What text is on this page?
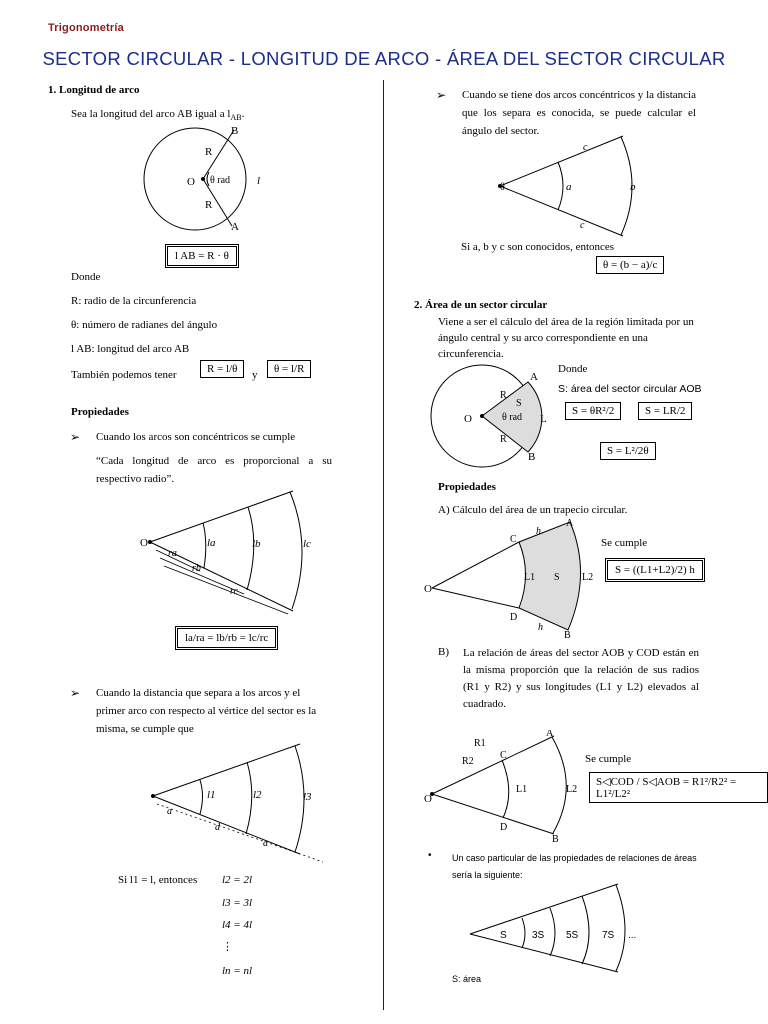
Trigonometría
SECTOR CIRCULAR - LONGITUD DE ARCO - ÁREA DEL SECTOR CIRCULAR
1. Longitud de arco
Sea la longitud del arco AB igual a $l_{AB}$.
B
A
O
R
R
θ rad l
l AB = R · θ
Donde
R: radio de la circunferencia
θ: número de radianes del ángulo
l AB: longitud del arco AB
También podemos tener	R = l/θ	y	θ = l/R
Propiedades
➢ Cuando los arcos son concéntricos se cumple
“Cada longitud de arco es proporcional a su respectivo radio”.
O	la	lb	lc
ra
rb
rc
la/ra = lb/rb = lc/rc
➢ Cuando la distancia que separa a los arcos y el primer arco con respecto al vértice del sector es la misma, se cumple que
l1	l2	l3
a
d
a
Si l1 = l, entonces l2 = 2l
l3 = 3l
l4 = 4l
⋮
ln = nl
➢ Cuando se tiene dos arcos concéntricos y la distancia que los separa es conocida, se puede calcular el ángulo del sector.
θ	a	b
c
c
Si a, b y c son conocidos, entonces
θ = (b − a)/c
2. Área de un sector circular
Viene a ser el cálculo del área de la región limitada por un ángulo central y su arco correspondiente en una circunferencia.
O
A
B
R
R
S
θ rad L
Donde
S: área del sector circular AOB
S = θR²/2	S = LR/2
S = L²/2θ
Propiedades
A) Cálculo del área de un trapecio circular.
O
C
D
A
B
h
h
L1 S L2
Se cumple
S = ((L1+L2)/2) h
B) La relación de áreas del sector AOB y COD están en la misma proporción que la relación de sus radios (R1 y R2) y sus longitudes (L1 y L2) elevados al cuadrado.
O
C
D
A
B
R1
R2
L1	L2
Se cumple
S◁COD / S◁AOB = R1²/R2² = L1²/L2²
• Un caso particular de las propiedades de relaciones de áreas sería la siguiente:
S	3S 5S 7S ...
S: área
